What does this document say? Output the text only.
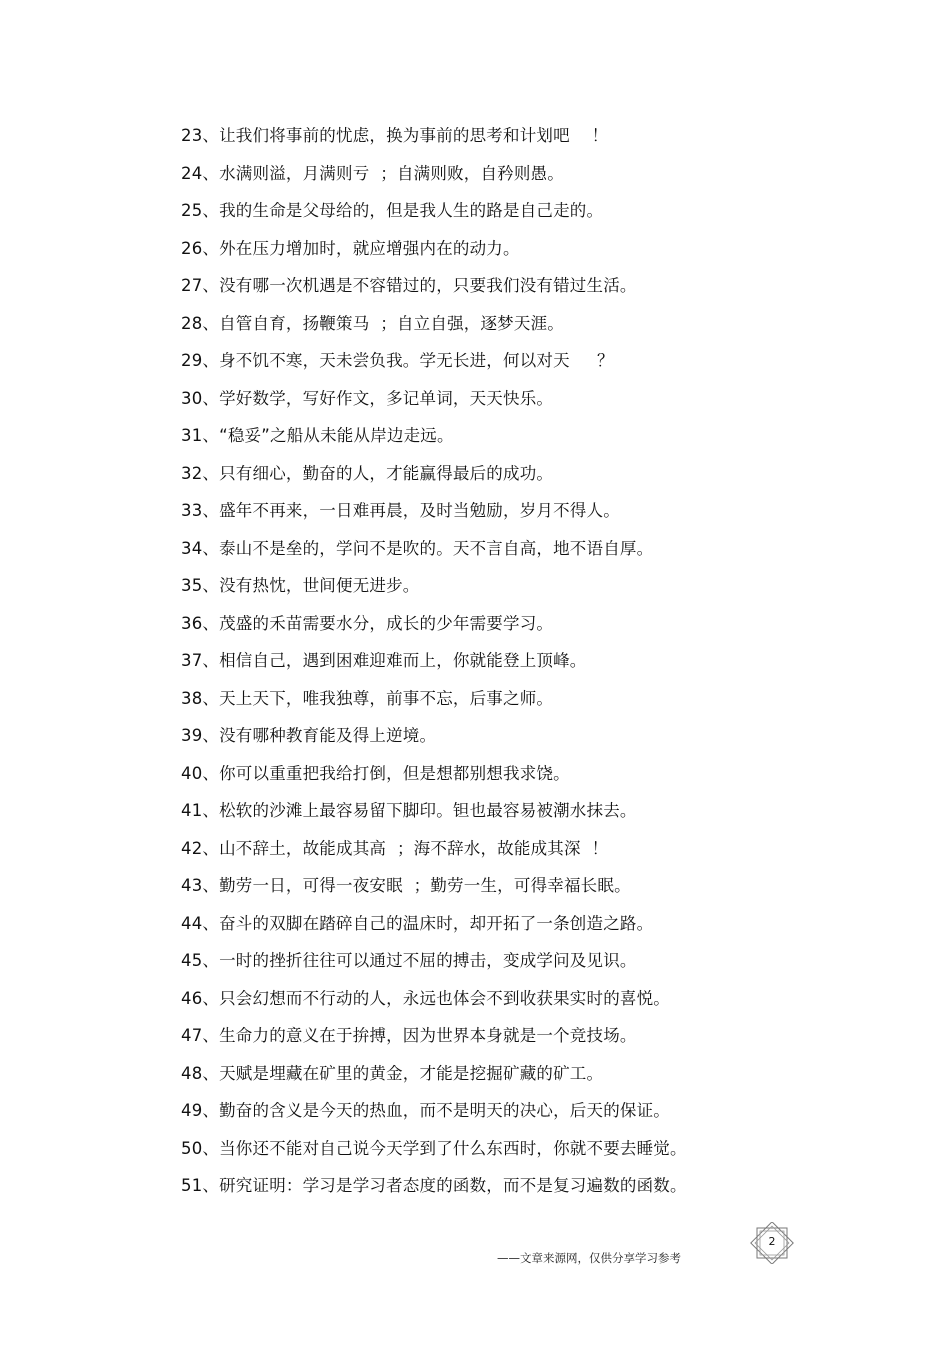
23、让我们将事前的忧虑，换为事前的思考和计划吧    ！
24、水满则溢，月满则亏  ；自满则败，自矜则愚。
25、我的生命是父母给的，但是我人生的路是自己走的。
26、外在压力增加时，就应增强内在的动力。
27、没有哪一次机遇是不容错过的，只要我们没有错过生活。
28、自管自育，扬鞭策马  ；自立自强，逐梦天涯。
29、身不饥不寒，天未尝负我。学无长进，何以对天     ？
30、学好数学，写好作文，多记单词，天天快乐。
31、“稳妥”之船从未能从岸边走远。
32、只有细心，勤奋的人，才能赢得最后的成功。
33、盛年不再来，一日难再晨，及时当勉励，岁月不得人。
34、泰山不是垒的，学问不是吹的。天不言自高，地不语自厚。
35、没有热忱，世间便无进步。
36、茂盛的禾苗需要水分，成长的少年需要学习。
37、相信自己，遇到困难迎难而上，你就能登上顶峰。
38、天上天下，唯我独尊，前事不忘，后事之师。
39、没有哪种教育能及得上逆境。
40、你可以重重把我给打倒，但是想都别想我求饶。
41、松软的沙滩上最容易留下脚印。钽也最容易被潮水抹去。
42、山不辞土，故能成其高  ；海不辞水，故能成其深  ！
43、勤劳一日，可得一夜安眠  ；勤劳一生，可得幸福长眠。
44、奋斗的双脚在踏碎自己的温床时，却开拓了一条创造之路。
45、一时的挫折往往可以通过不屈的搏击，变成学问及见识。
46、只会幻想而不行动的人，永远也体会不到收获果实时的喜悦。
47、生命力的意义在于拚搏，因为世界本身就是一个竞技场。
48、天赋是埋藏在矿里的黄金，才能是挖掘矿藏的矿工。
49、勤奋的含义是今天的热血，而不是明天的决心，后天的保证。
50、当你还不能对自己说今天学到了什么东西时，你就不要去睡觉。
51、研究证明：学习是学习者态度的函数，而不是复习遍数的函数。
——文章来源网，仅供分享学习参考
2
